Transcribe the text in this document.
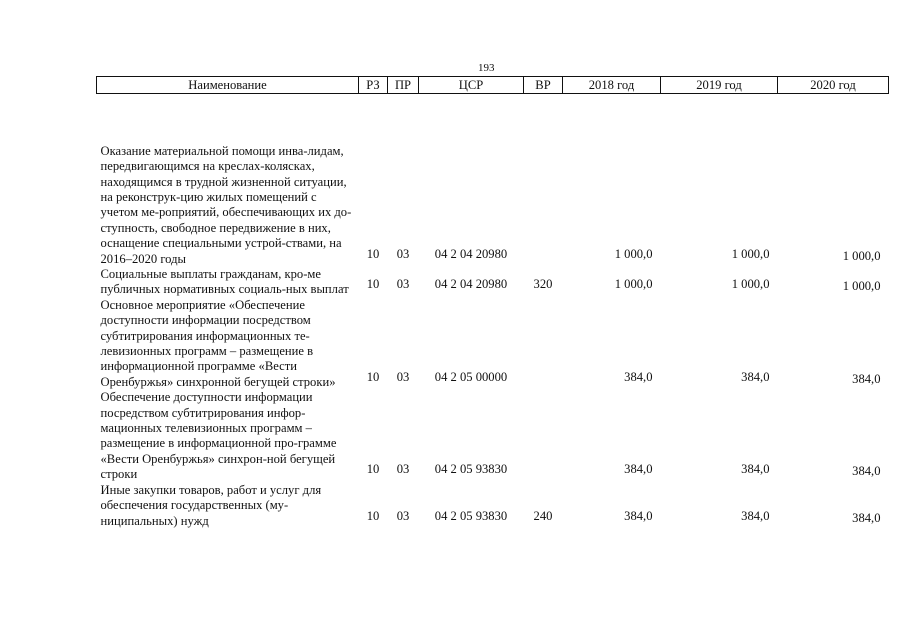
193
Наименование	РЗ	ПР	ЦСР	ВР	2018 год	2019 год	2020 год
Оказание материальной помощи инва-лидам, передвигающимся на креслах-колясках, находящимся в трудной жизненной ситуации, на реконструк-цию жилых помещений с учетом ме-роприятий, обеспечивающих их до-ступность, свободное передвижение в них, оснащение специальными устрой-ствами, на 2016–2020 годы	10	03	04 2 04 20980		1 000,0	1 000,0	1 000,0
Социальные выплаты гражданам, кро-ме публичных нормативных социаль-ных выплат	10	03	04 2 04 20980	320	1 000,0	1 000,0	1 000,0
Основное мероприятие «Обеспечение доступности информации посредством субтитрирования информационных те-левизионных программ – размещение в информационной программе «Вести Оренбуржья» синхронной бегущей строки»	10	03	04 2 05 00000		384,0	384,0	384,0
Обеспечение доступности информации посредством субтитрирования инфор-мационных телевизионных программ – размещение в информационной про-грамме «Вести Оренбуржья» синхрон-ной бегущей строки	10	03	04 2 05 93830		384,0	384,0	384,0
Иные закупки товаров, работ и услуг для обеспечения государственных (му-ниципальных) нужд	10	03	04 2 05 93830	240	384,0	384,0	384,0
